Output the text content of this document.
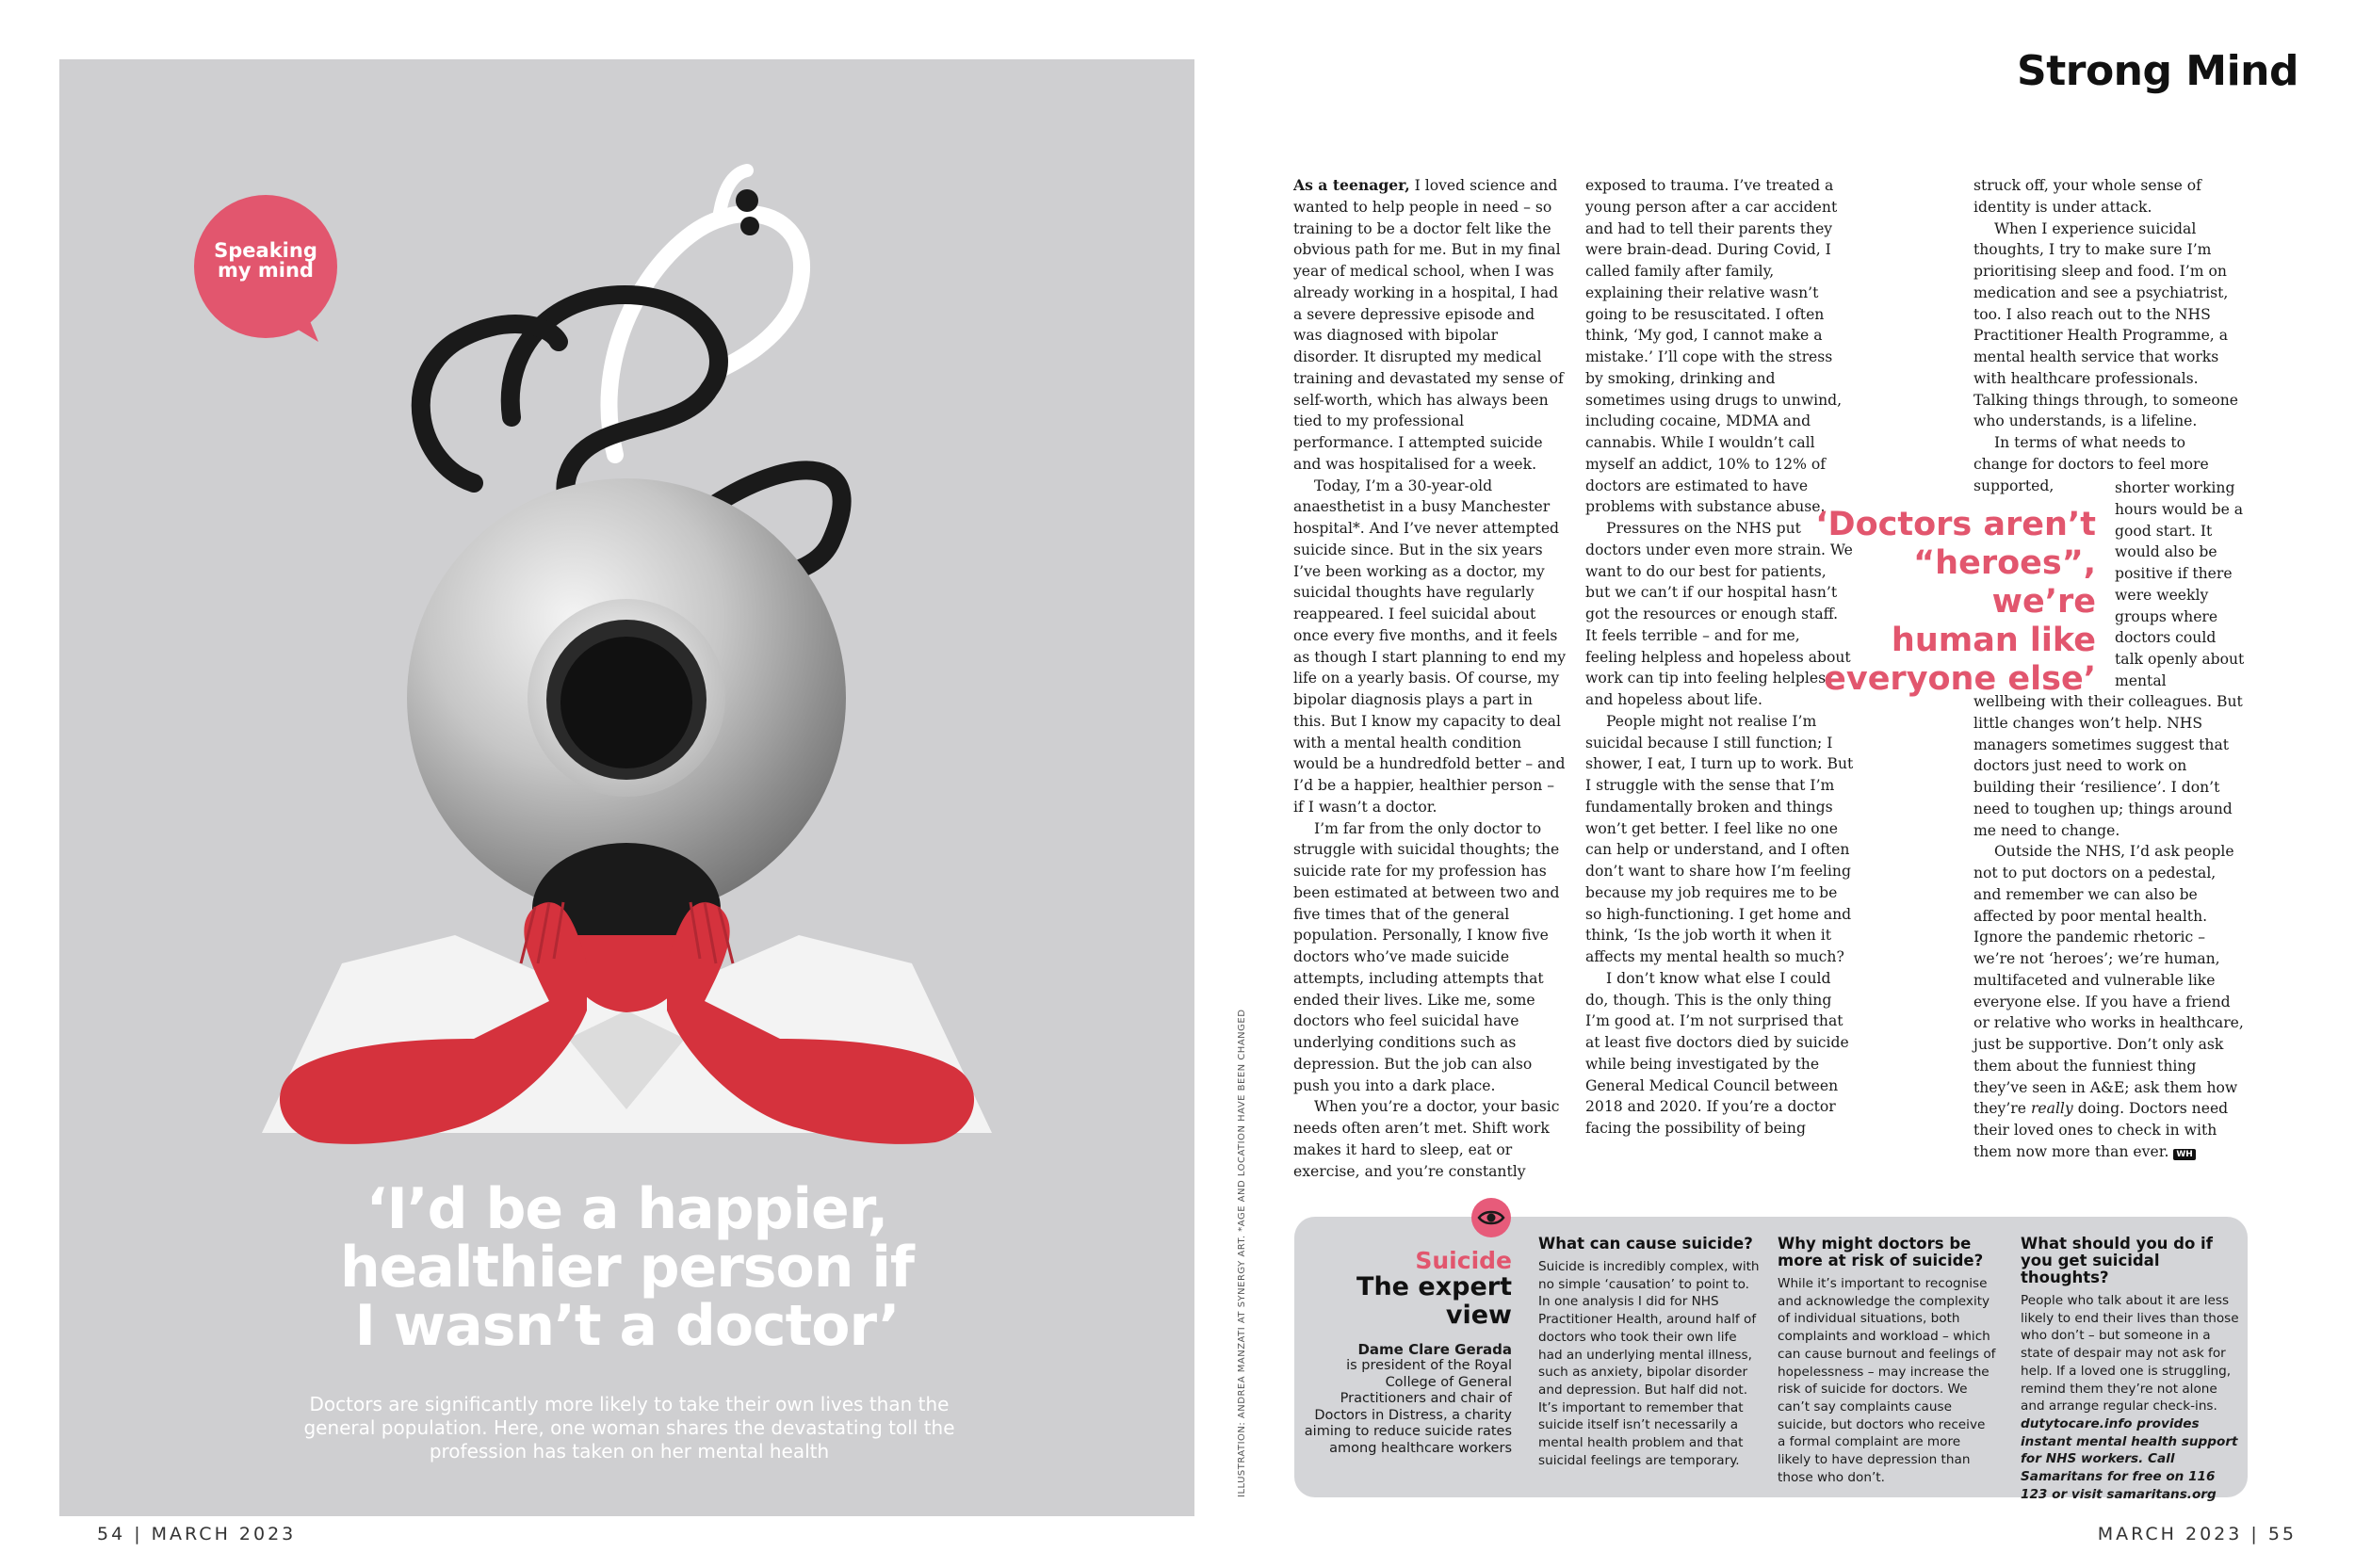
Speaking
my mind
‘I’d be a happier,
healthier person if
I wasn’t a doctor’
Doctors are significantly more likely to take their own lives than the general population. Here, one woman shares the devastating toll the profession has taken on her mental health
54 | MARCH 2023
ILLUSTRATION: ANDREA MANZATI AT SYNERGY ART. *AGE AND LOCATION HAVE BEEN CHANGED
Strong Mind

As a teenager, I loved science and wanted to help people in need – so training to be a doctor felt like the obvious path for me. But in my final year of medical school, when I was already working in a hospital, I had a severe depressive episode and was diagnosed with bipolar disorder. It disrupted my medical training and devastated my sense of self-worth, which has always been tied to my professional performance. I attempted suicide and was hospitalised for a week.

Today, I’m a 30-year-old anaesthetist in a busy Manchester hospital*. And I’ve never attempted suicide since. But in the six years I’ve been working as a doctor, my suicidal thoughts have regularly reappeared. I feel suicidal about once every five months, and it feels as though I start planning to end my life on a yearly basis. Of course, my bipolar diagnosis plays a part in this. But I know my capacity to deal with a mental health condition would be a hundredfold better – and I’d be a happier, healthier person – if I wasn’t a doctor.

I’m far from the only doctor to struggle with suicidal thoughts; the suicide rate for my profession has been estimated at between two and five times that of the general population. Personally, I know five doctors who’ve made suicide attempts, including attempts that ended their lives. Like me, some doctors who feel suicidal have underlying conditions such as depression. But the job can also push you into a dark place.

When you’re a doctor, your basic needs often aren’t met. Shift work makes it hard to sleep, eat or exercise, and you’re constantly

exposed to trauma. I’ve treated a young person after a car accident and had to tell their parents they were brain-dead. During Covid, I called family after family, explaining their relative wasn’t going to be resuscitated. I often think, ‘My god, I cannot make a mistake.’ I’ll cope with the stress by smoking, drinking and sometimes using drugs to unwind, including cocaine, MDMA and cannabis. While I wouldn’t call myself an addict, 10% to 12% of doctors are estimated to have problems with substance abuse.

Pressures on the NHS put doctors under even more strain. We want to do our best for patients, but we can’t if our hospital hasn’t got the resources or enough staff. It feels terrible – and for me, feeling helpless and hopeless about work can tip into feeling helpless and hopeless about life.

People might not realise I’m suicidal because I still function; I shower, I eat, I turn up to work. But I struggle with the sense that I’m fundamentally broken and things won’t get better. I feel like no one can help or understand, and I often don’t want to share how I’m feeling because my job requires me to be so high-functioning. I get home and think, ‘Is the job worth it when it affects my mental health so much?

I don’t know what else I could do, though. This is the only thing I’m good at. I’m not surprised that at least five doctors died by suicide while being investigated by the General Medical Council between 2018 and 2020. If you’re a doctor facing the possibility of being

struck off, your whole sense of identity is under attack.

When I experience suicidal thoughts, I try to make sure I’m prioritising sleep and food. I’m on medication and see a psychiatrist, too. I also reach out to the NHS Practitioner Health Programme, a mental health service that works with healthcare professionals. Talking things through, to someone who understands, is a lifeline.

In terms of what needs to change for doctors to feel more supported,	shorter working hours would be a good start. It would also be positive if there were weekly groups where doctors could talk openly about mental

wellbeing with their colleagues. But little changes won’t help. NHS managers sometimes suggest that doctors just need to work on building their ‘resilience’. I don’t need to toughen up; things around me need to change.

Outside the NHS, I’d ask people not to put doctors on a pedestal, and remember we can also be affected by poor mental health. Ignore the pandemic rhetoric – we’re not ‘heroes’; we’re human, multifaceted and vulnerable like everyone else. If you have a friend or relative who works in healthcare, just be supportive. Don’t only ask them about the funniest thing they’ve seen in A&E; ask them how they’re really doing. Doctors need their loved ones to check in with them now more than ever. WH

‘Doctors aren’t
“heroes”, we’re
human like
everyone else’
Suicide
The expert
view
Dame Clare Gerada
is president of the Royal College of General Practitioners and chair of Doctors in Distress, a charity aiming to reduce suicide rates among healthcare workers
What can cause suicide?

Suicide is incredibly complex, with no simple ‘causation’ to point to. In one analysis I did for NHS Practitioner Health, around half of doctors who took their own life had an underlying mental illness, such as anxiety, bipolar disorder and depression. But half did not. It’s important to remember that suicide itself isn’t necessarily a mental health problem and that suicidal feelings are temporary.

Why might doctors be more at risk of suicide?

While it’s important to recognise and acknowledge the complexity of individual situations, both complaints and workload – which can cause burnout and feelings of hopelessness – may increase the risk of suicide for doctors. We can’t say complaints cause suicide, but doctors who receive a formal complaint are more likely to have depression than those who don’t.

What should you do if you get suicidal thoughts?

People who talk about it are less likely to end their lives than those who don’t – but someone in a state of despair may not ask for help. If a loved one is struggling, remind them they’re not alone and arrange regular check-ins.

dutytocare.info provides instant mental health support for NHS workers. Call Samaritans for free on 116 123 or visit samaritans.org

MARCH 2023 | 55
